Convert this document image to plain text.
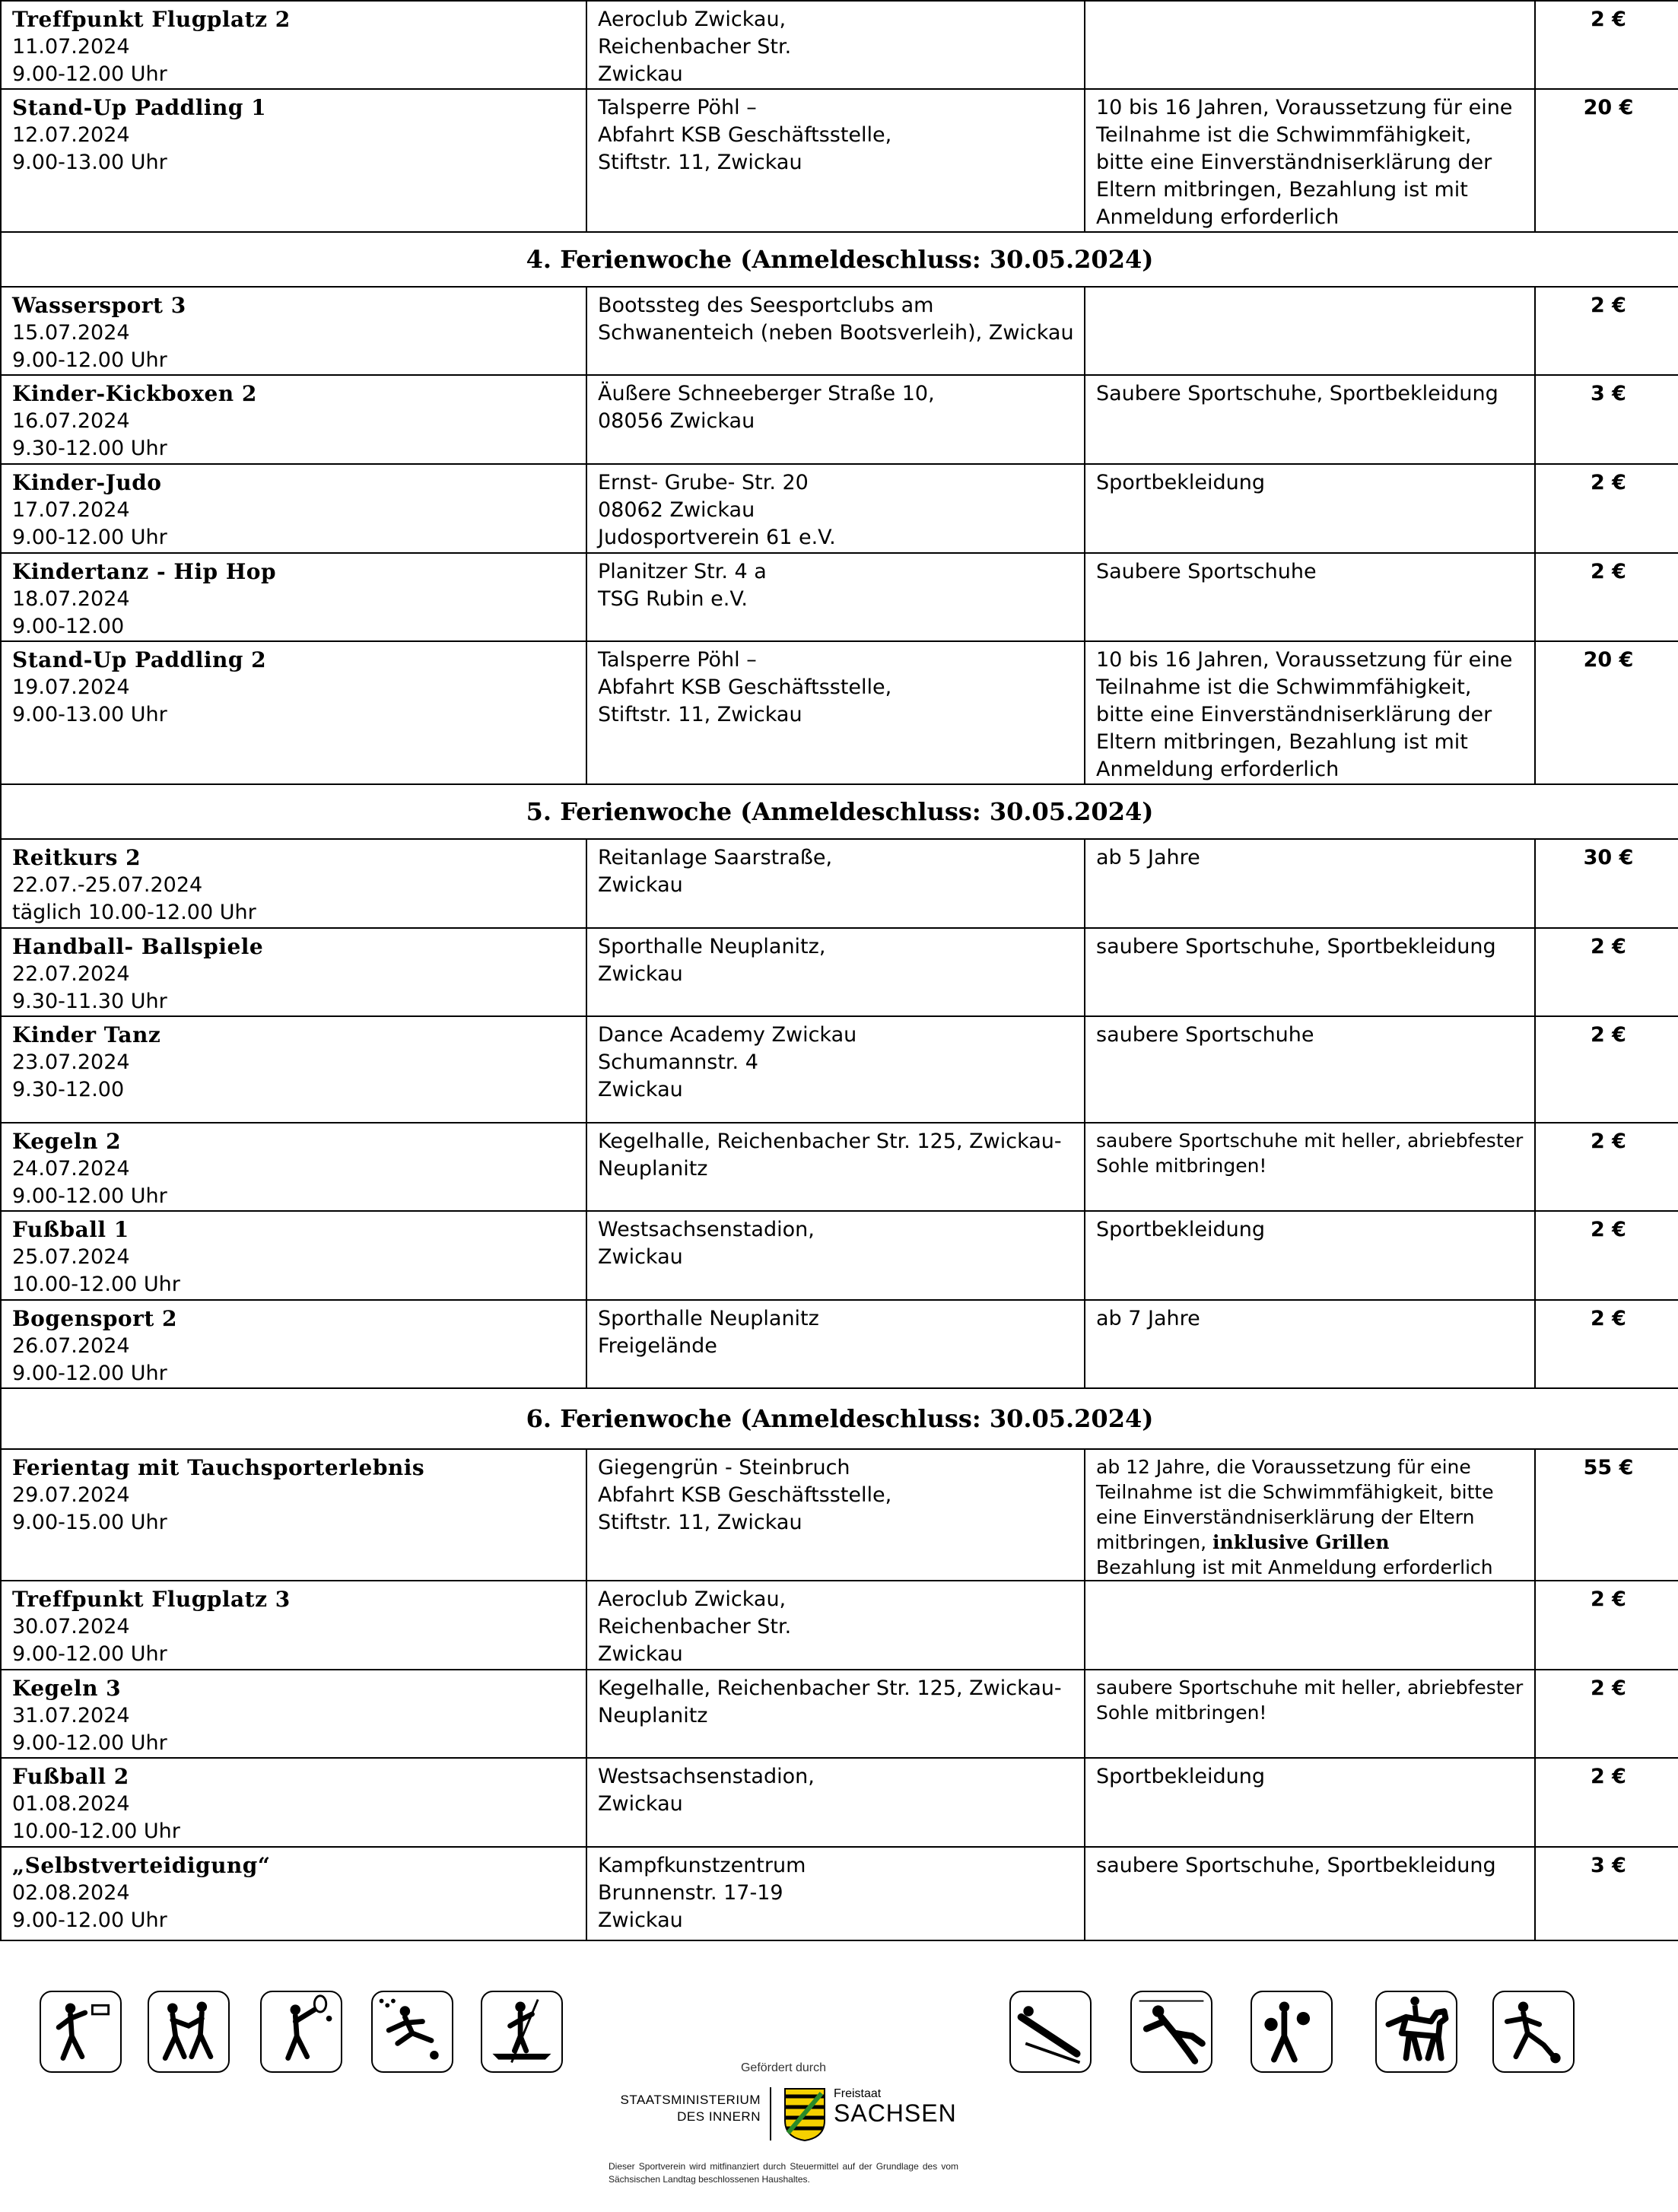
Treffpunkt Flugplatz 2
11.07.2024
9.00-12.00 Uhr	Aeroclub Zwickau,
Reichenbacher Str.
Zwickau		2 €

Stand-Up Paddling 1
12.07.2024
9.00-13.00 Uhr	Talsperre Pöhl –
Abfahrt KSB Geschäftsstelle,
Stiftstr. 11, Zwickau	10 bis 16 Jahren, Voraussetzung für eine
Teilnahme ist die Schwimmfähigkeit,
bitte eine Einverständniserklärung der
Eltern mitbringen, Bezahlung ist mit
Anmeldung erforderlich	20 €
4. Ferienwoche (Anmeldeschluss: 30.05.2024)			

Wassersport 3
15.07.2024
9.00-12.00 Uhr	Bootssteg des Seesportclubs am
Schwanenteich (neben Bootsverleih), Zwickau		2 €

Kinder-Kickboxen 2
16.07.2024
9.30-12.00 Uhr	Äußere Schneeberger Straße 10,
08056 Zwickau	Saubere Sportschuhe, Sportbekleidung	3 €

Kinder-Judo
17.07.2024
9.00-12.00 Uhr	Ernst- Grube- Str. 20
08062 Zwickau
Judosportverein 61 e.V.	Sportbekleidung	2 €

Kindertanz - Hip Hop
18.07.2024
9.00-12.00	Planitzer Str. 4 a
TSG Rubin e.V.	Saubere Sportschuhe	2 €

Stand-Up Paddling 2
19.07.2024
9.00-13.00 Uhr	Talsperre Pöhl –
Abfahrt KSB Geschäftsstelle,
Stiftstr. 11, Zwickau	10 bis 16 Jahren, Voraussetzung für eine
Teilnahme ist die Schwimmfähigkeit,
bitte eine Einverständniserklärung der
Eltern mitbringen, Bezahlung ist mit
Anmeldung erforderlich	20 €
5. Ferienwoche (Anmeldeschluss: 30.05.2024)			

Reitkurs 2
22.07.-25.07.2024
täglich 10.00-12.00 Uhr	Reitanlage Saarstraße,
Zwickau	ab 5 Jahre	30 €

Handball- Ballspiele
22.07.2024
9.30-11.30 Uhr	Sporthalle Neuplanitz,
Zwickau	saubere Sportschuhe, Sportbekleidung	2 €

Kinder Tanz
23.07.2024
9.30-12.00	Dance Academy Zwickau
Schumannstr. 4
Zwickau	saubere Sportschuhe	2 €

Kegeln 2
24.07.2024
9.00-12.00 Uhr	Kegelhalle, Reichenbacher Str. 125, Zwickau-
Neuplanitz	saubere Sportschuhe mit heller, abriebfester
Sohle mitbringen!	2 €

Fußball 1
25.07.2024
10.00-12.00 Uhr	Westsachsenstadion,
Zwickau	Sportbekleidung	2 €

Bogensport 2
26.07.2024
9.00-12.00 Uhr	Sporthalle Neuplanitz
Freigelände	ab 7 Jahre	2 €
6. Ferienwoche (Anmeldeschluss: 30.05.2024)			

Ferientag mit Tauchsporterlebnis
29.07.2024
9.00-15.00 Uhr	Giegengrün - Steinbruch
Abfahrt KSB Geschäftsstelle,
Stiftstr. 11, Zwickau	ab 12 Jahre, die Voraussetzung für eine
Teilnahme ist die Schwimmfähigkeit, bitte
eine Einverständniserklärung der Eltern
mitbringen, inklusive Grillen

Bezahlung ist mit Anmeldung erforderlich	55 €

Treffpunkt Flugplatz 3
30.07.2024
9.00-12.00 Uhr	Aeroclub Zwickau,
Reichenbacher Str.
Zwickau		2 €

Kegeln 3
31.07.2024
9.00-12.00 Uhr	Kegelhalle, Reichenbacher Str. 125, Zwickau-
Neuplanitz	saubere Sportschuhe mit heller, abriebfester
Sohle mitbringen!	2 €

Fußball 2
01.08.2024
10.00-12.00 Uhr	Westsachsenstadion,
Zwickau	Sportbekleidung	2 €

„Selbstverteidigung“
02.08.2024
9.00-12.00 Uhr	Kampfkunstzentrum
Brunnenstr. 17-19
Zwickau	saubere Sportschuhe, Sportbekleidung	3 €
Gefördert durch
STAATSMINISTERIUM
DES INNERN
Freistaat
SACHSEN
Dieser Sportverein wird mitfinanziert durch Steuermittel auf der Grundlage des vom Sächsischen Landtag beschlossenen Haushaltes.
